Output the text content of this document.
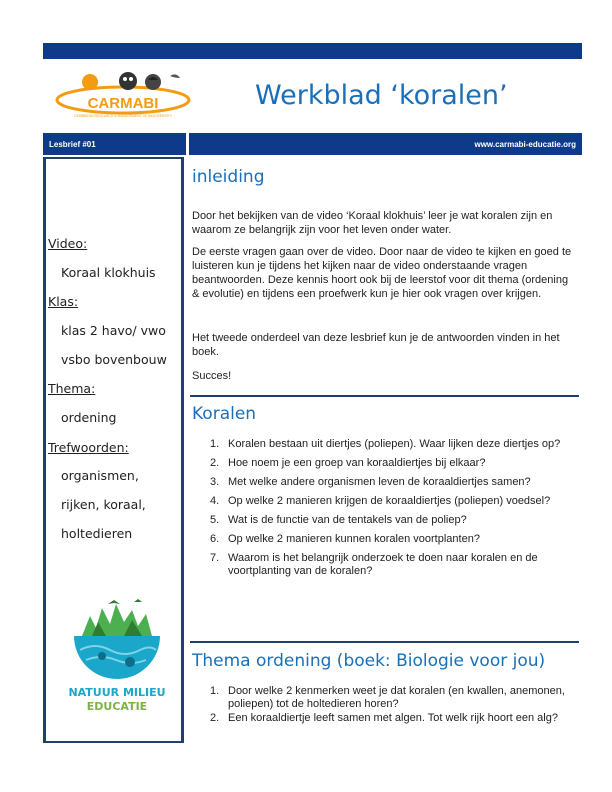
CARMABI
CARIBBEAN RESEARCH & MANAGEMENT OF BIODIVERSITY
Werkblad ‘koralen’
Lesbrief #01	www.carmabi-educatie.org
Video:
Koraal klokhuis
Klas:
klas 2 havo/ vwo
vsbo bovenbouw
Thema:
ordening
Trefwoorden:
organismen,
rijken, koraal,
holtedieren
NATUUR MILIEU
EDUCATIE
inleiding

Door het bekijken van de video ‘Koraal klokhuis’ leer je wat koralen zijn en waarom ze belangrijk zijn voor het leven onder water.

De eerste vragen gaan over de video. Door naar de video te kijken en goed te luisteren kun je tijdens het kijken naar de video onderstaande vragen beantwoorden. Deze kennis hoort ook bij de leerstof voor dit thema (ordening & evolutie) en tijdens een proefwerk kun je hier ook vragen over krijgen.

Het tweede onderdeel van deze lesbrief kun je de antwoorden vinden in het boek.

Succes!

Koralen
1. Koralen bestaan uit diertjes (poliepen). Waar lijken deze diertjes op?
2. Hoe noem je een groep van koraaldiertjes bij elkaar?
3. Met welke andere organismen leven de koraaldiertjes samen?
4. Op welke 2 manieren krijgen de koraaldiertjes (poliepen) voedsel?
5. Wat is de functie van de tentakels van de poliep?
6. Op welke 2 manieren kunnen koralen voortplanten?
7. Waarom is het belangrijk onderzoek te doen naar koralen en de voortplanting van de koralen?
Thema ordening (boek: Biologie voor jou)
1. Door welke 2 kenmerken weet je dat koralen (en kwallen, anemonen, poliepen) tot de holtedieren horen?
2. Een koraaldiertje leeft samen met algen. Tot welk rijk hoort een alg?
